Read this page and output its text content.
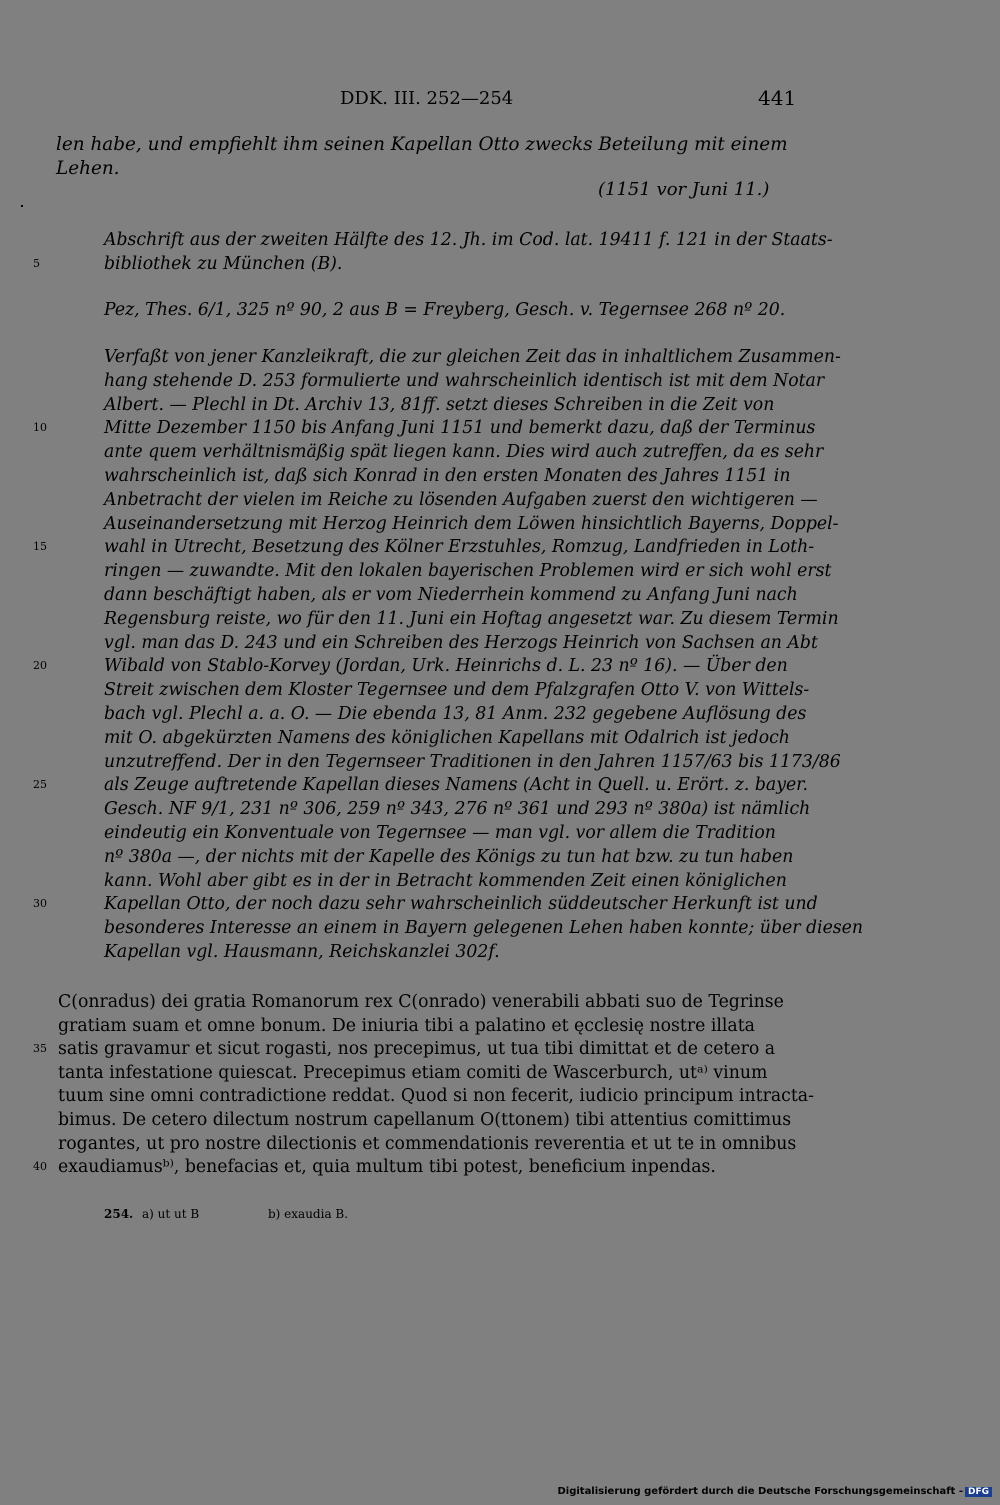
DDK. III. 252—254	441
len habe, und empfiehlt ihm seinen Kapellan Otto zwecks Beteilung mit einem
Lehen.
(1151 vor Juni 11.)
Abschrift aus der zweiten Hälfte des 12. Jh. im Cod. lat. 19411 f. 121 in der Staats-
5	bibliothek zu München (B).
Pez, Thes. 6/1, 325 nº 90, 2 aus B = Freyberg, Gesch. v. Tegernsee 268 nº 20.
Verfaßt von jener Kanzleikraft, die zur gleichen Zeit das in inhaltlichem Zusammen-
hang stehende D. 253 formulierte und wahrscheinlich identisch ist mit dem Notar
Albert. — Plechl in Dt. Archiv 13, 81ff. setzt dieses Schreiben in die Zeit von
10	Mitte Dezember 1150 bis Anfang Juni 1151 und bemerkt dazu, daß der Terminus
ante quem verhältnismäßig spät liegen kann. Dies wird auch zutreffen, da es sehr
wahrscheinlich ist, daß sich Konrad in den ersten Monaten des Jahres 1151 in
Anbetracht der vielen im Reiche zu lösenden Aufgaben zuerst den wichtigeren —
Auseinandersetzung mit Herzog Heinrich dem Löwen hinsichtlich Bayerns, Doppel-
15	wahl in Utrecht, Besetzung des Kölner Erzstuhles, Romzug, Landfrieden in Loth-
ringen — zuwandte. Mit den lokalen bayerischen Problemen wird er sich wohl erst
dann beschäftigt haben, als er vom Niederrhein kommend zu Anfang Juni nach
Regensburg reiste, wo für den 11. Juni ein Hoftag angesetzt war. Zu diesem Termin
vgl. man das D. 243 und ein Schreiben des Herzogs Heinrich von Sachsen an Abt
20	Wibald von Stablo-Korvey (Jordan, Urk. Heinrichs d. L. 23 nº 16). — Über den
Streit zwischen dem Kloster Tegernsee und dem Pfalzgrafen Otto V. von Wittels-
bach vgl. Plechl a. a. O. — Die ebenda 13, 81 Anm. 232 gegebene Auflösung des
mit O. abgekürzten Namens des königlichen Kapellans mit Odalrich ist jedoch
unzutreffend. Der in den Tegernseer Traditionen in den Jahren 1157/63 bis 1173/86
25	als Zeuge auftretende Kapellan dieses Namens (Acht in Quell. u. Erört. z. bayer.
Gesch. NF 9/1, 231 nº 306, 259 nº 343, 276 nº 361 und 293 nº 380a) ist nämlich
eindeutig ein Konventuale von Tegernsee — man vgl. vor allem die Tradition
nº 380a —, der nichts mit der Kapelle des Königs zu tun hat bzw. zu tun haben
kann. Wohl aber gibt es in der in Betracht kommenden Zeit einen königlichen
30	Kapellan Otto, der noch dazu sehr wahrscheinlich süddeutscher Herkunft ist und
besonderes Interesse an einem in Bayern gelegenen Lehen haben konnte; über diesen
Kapellan vgl. Hausmann, Reichskanzlei 302f.
C(onradus) dei gratia Romanorum rex C(onrado) venerabili abbati suo de Tegrinse
gratiam suam et omne bonum. De iniuria tibi a palatino et ęcclesię nostre illata
35 satis gravamur et sicut rogasti, nos precepimus, ut tua tibi dimittat et de cetero a
tanta infestatione quiescat. Precepimus etiam comiti de Wascerburch, utᵃ⁾ vinum
tuum sine omni contradictione reddat. Quod si non fecerit, iudicio principum intracta-
bimus. De cetero dilectum nostrum capellanum O(ttonem) tibi attentius comittimus
rogantes, ut pro nostre dilectionis et commendationis reverentia et ut te in omnibus
40 exaudiamusᵇ⁾, benefacias et, quia multum tibi potest, beneficium inpendas.
254. a) ut ut B	b) exaudia B.
Digitalisierung gefördert durch die Deutsche Forschungsgemeinschaft - DFG
